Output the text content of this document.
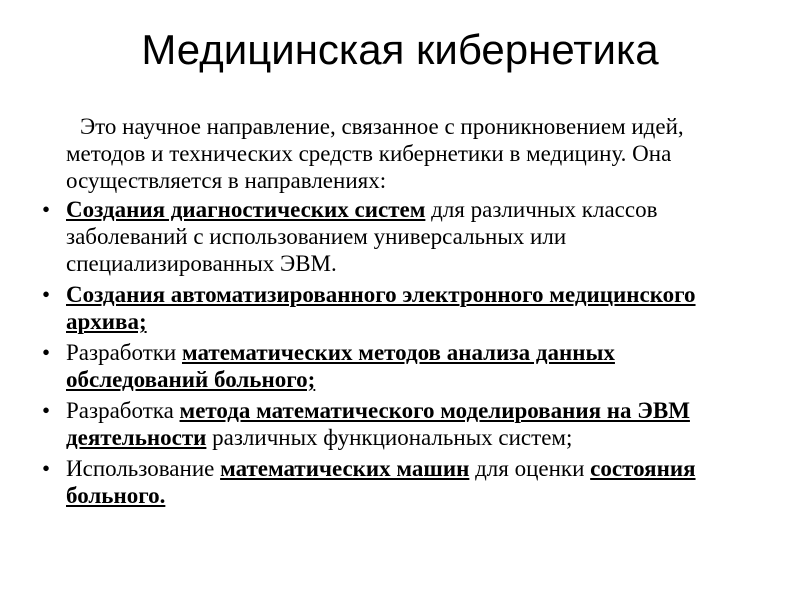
Медицинская кибернетика

Это научное направление, связанное с проникновением идей, методов и технических средств кибернетики в медицину. Она осуществляется в направлениях:

• Создания диагностических систем для различных классов заболеваний с использованием универсальных или специализированных ЭВМ.
• Создания автоматизированного электронного медицинского архива;
• Разработки математических методов анализа данных обследований больного;
• Разработка метода математического моделирования на ЭВМ деятельности различных функциональных систем;
• Использование математических машин для оценки состояния больного.
